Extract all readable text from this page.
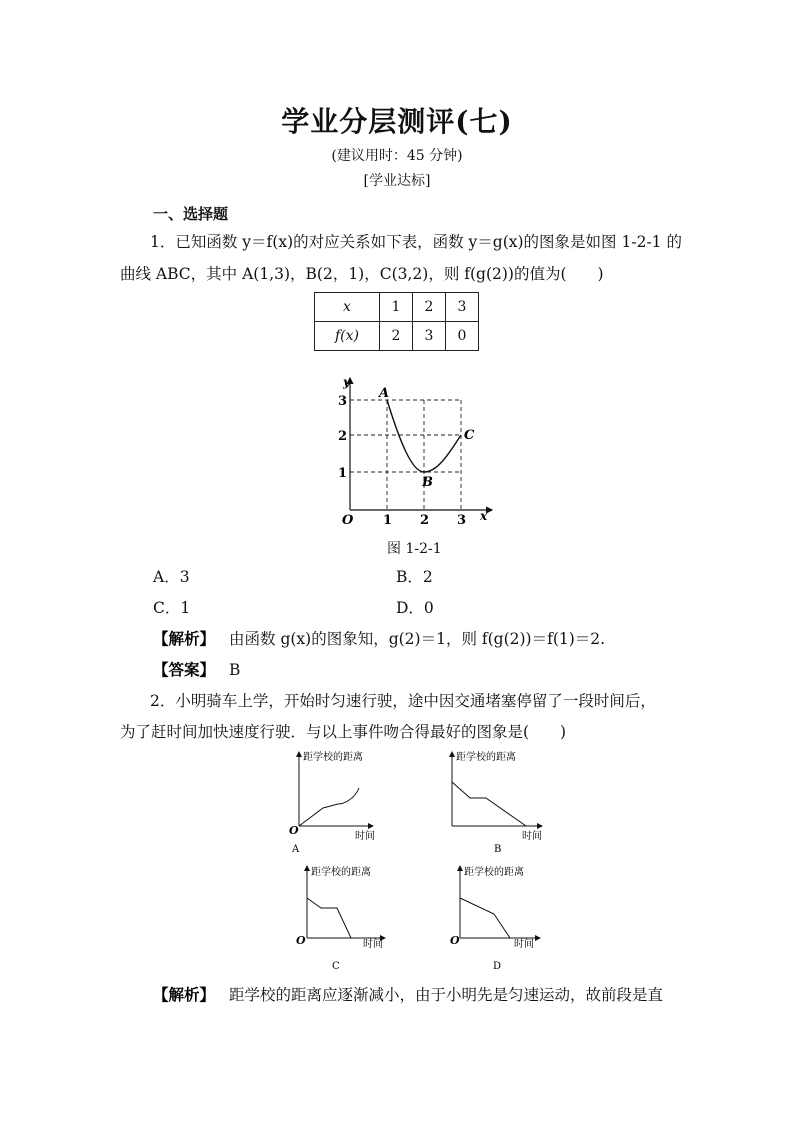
学业分层测评(七)
(建议用时：45 分钟)
[学业达标]
一、选择题
1．已知函数 y＝f(x)的对应关系如下表，函数 y＝g(x)的图象是如图 1-2-1 的
曲线 ABC，其中 A(1,3)，B(2，1)，C(3,2)，则 f(g(2))的值为(　　)
x	1	2	3
f(x)	2	3	0
y
x
O 1 2 3
1
2
3
A
B
C
图 1-2-1
A．3	B．2
C．1	D．0
【解析】 由函数 g(x)的图象知，g(2)＝1，则 f(g(2))＝f(1)＝2.
【答案】 B
2．小明骑车上学，开始时匀速行驶，途中因交通堵塞停留了一段时间后，
为了赶时间加快速度行驶．与以上事件吻合得最好的图象是(　　)
距学校的距离
时间
O
A
距学校的距离
时间
B
距学校的距离
时间
O
C
距学校的距离
时间
O
D
【解析】 距学校的距离应逐渐减小，由于小明先是匀速运动，故前段是直
